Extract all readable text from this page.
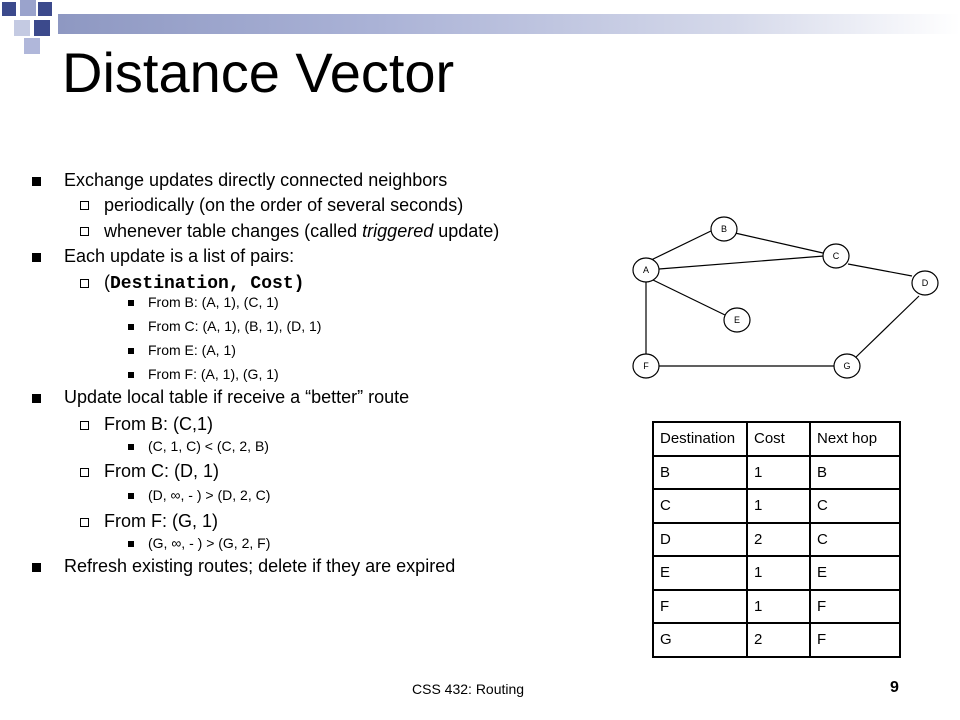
Distance Vector
Exchange updates directly connected neighbors
periodically (on the order of several seconds)
whenever table changes (called triggered update)
Each update is a list of pairs:
(Destination, Cost)
From B: (A, 1), (C, 1)
From C: (A, 1), (B, 1), (D, 1)
From E: (A, 1)
From F: (A, 1), (G, 1)
Update local table if receive a “better” route
From B: (C,1)
(C, 1, C) < (C, 2, B)
From C: (D, 1)
(D, ∞, - ) > (D, 2, C)
From F: (G, 1)
(G, ∞, - ) > (G, 2, F)
Refresh existing routes; delete if they are expired
A
B
C
D
E
F	G
Destination	Cost	Next hop
B	1	B
C	1	C
D	2	C
E	1	E
F	1	F
G	2	F
CSS 432: Routing	9
